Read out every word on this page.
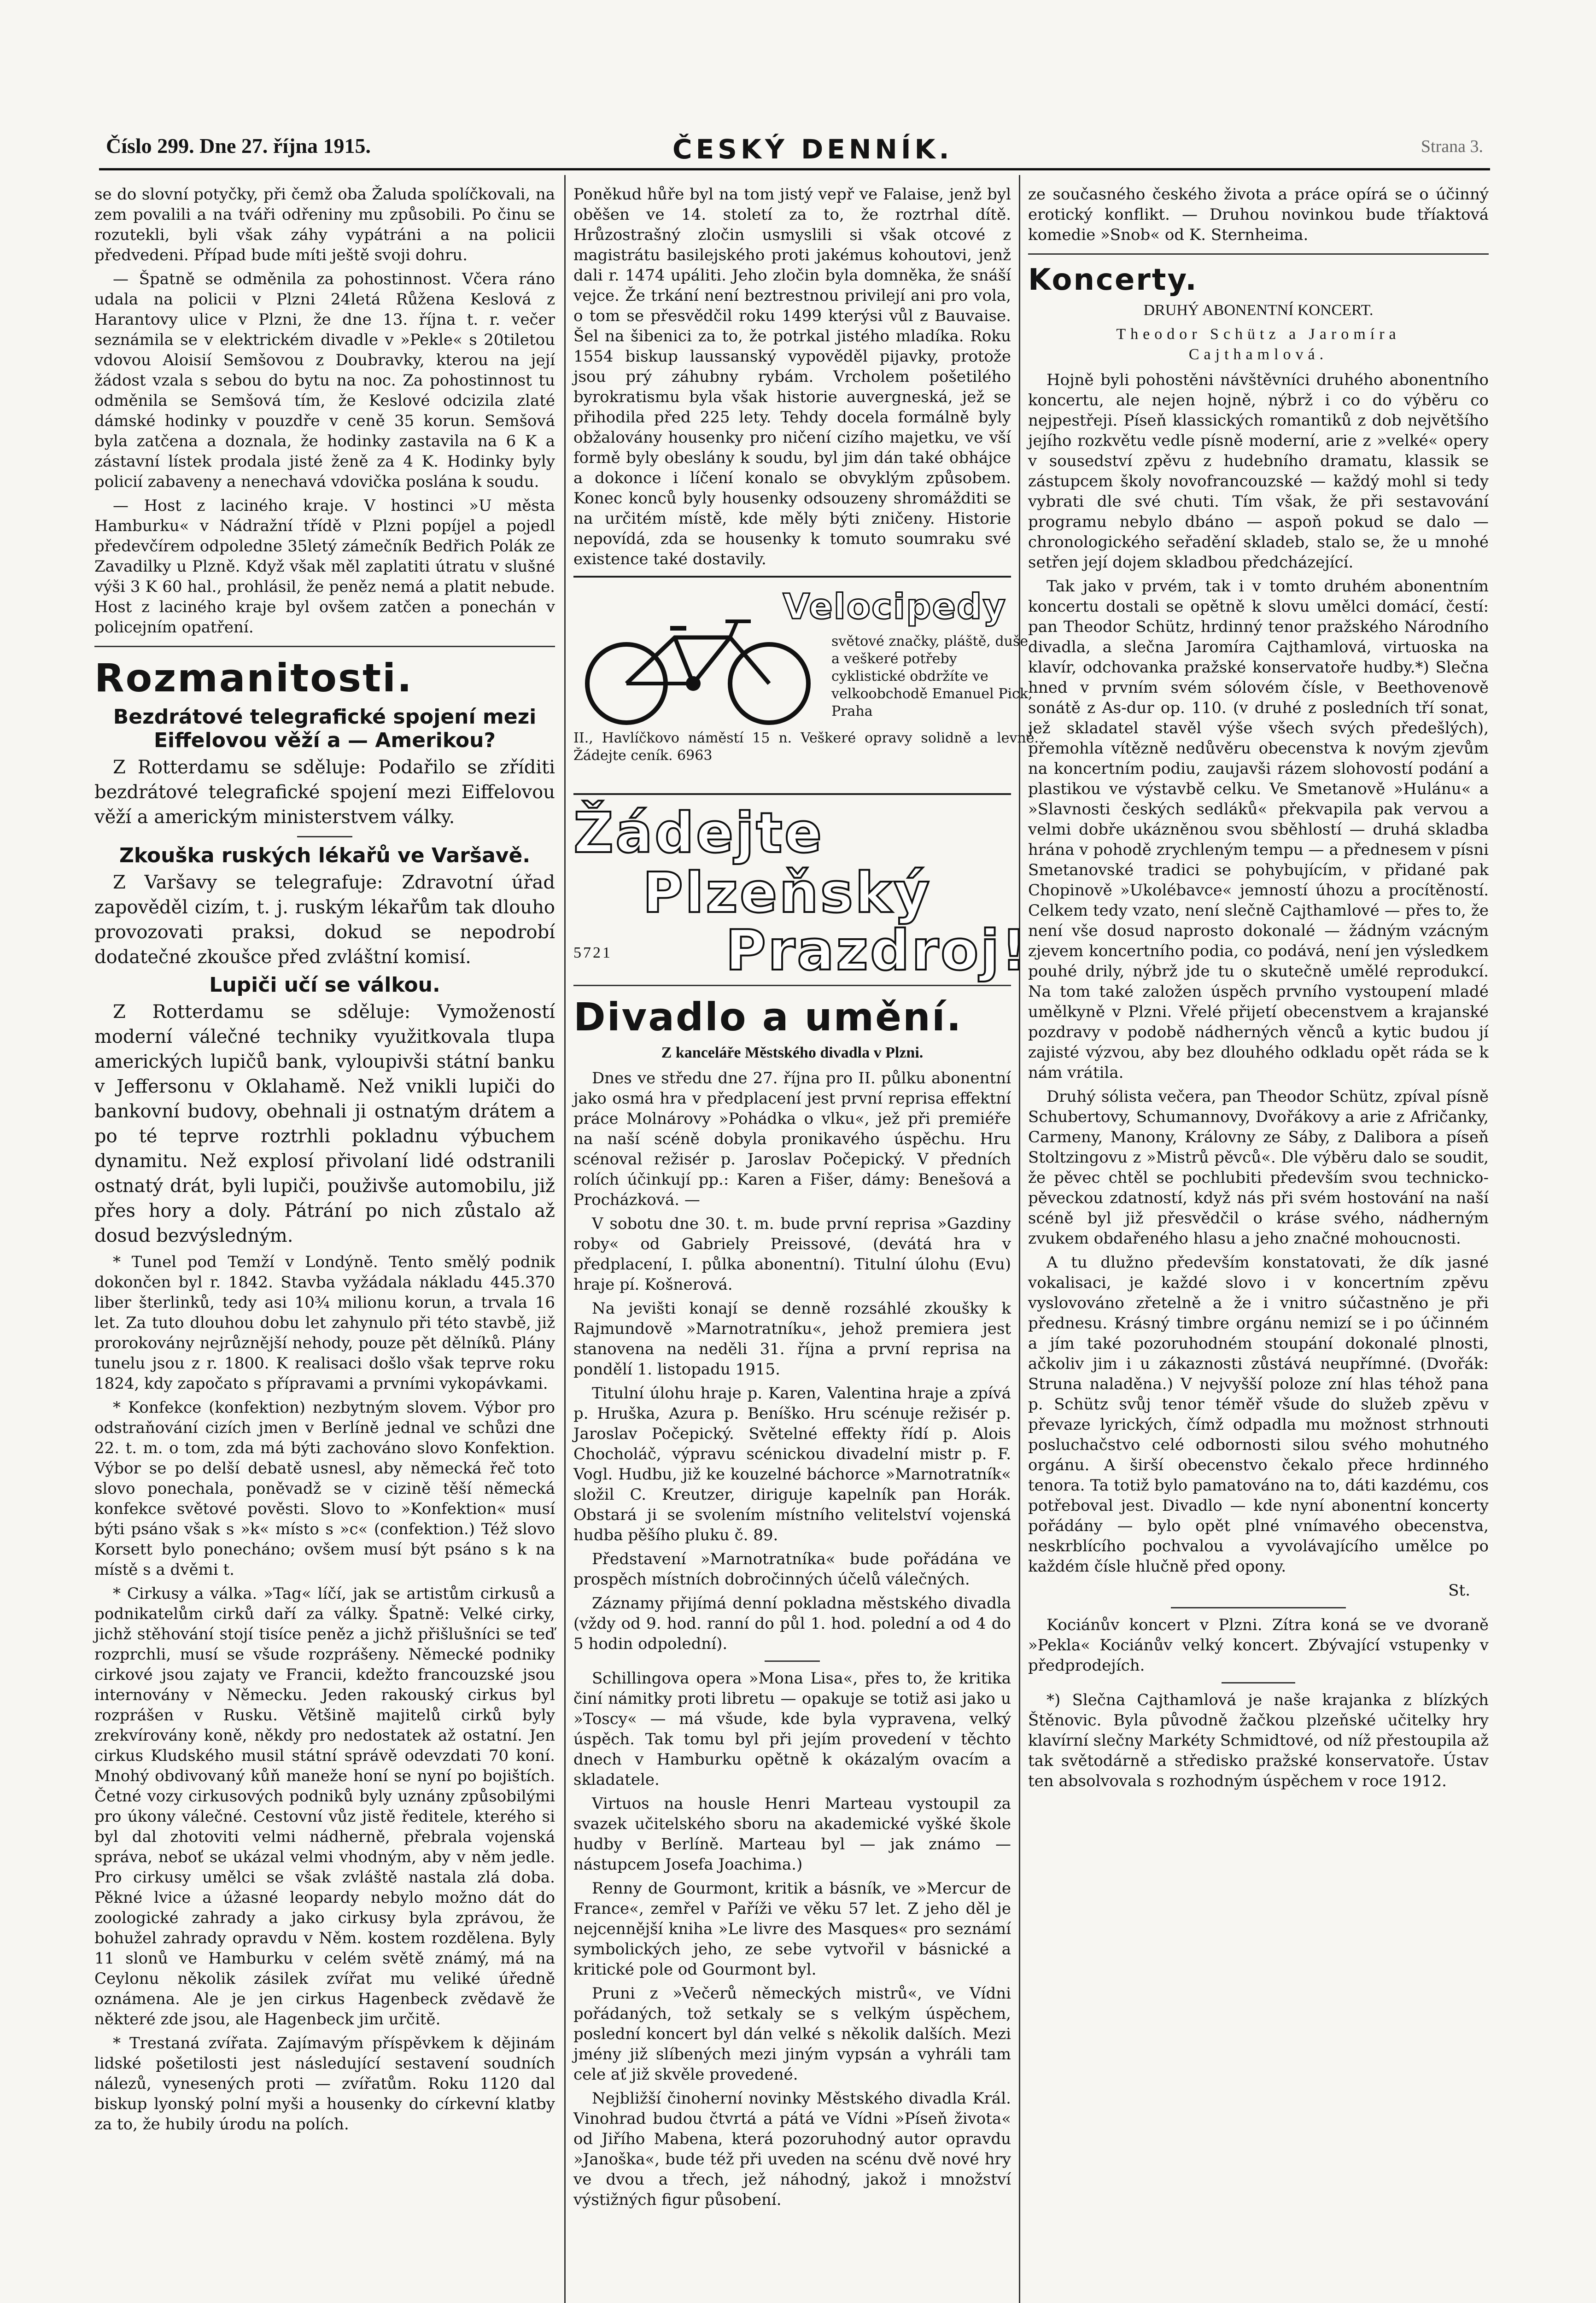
Číslo 299. Dne 27. října 1915.	ČESKÝ DENNÍK.	Strana 3.

se do slovní potyčky, při čemž oba Žaluda spolíčkovali, na zem povalili a na tváři odřeniny mu způsobili. Po činu se rozutekli, byli však záhy vypátráni a na policii předvedeni. Případ bude míti ještě svoji dohru.

— Špatně se odměnila za pohostinnost. Včera ráno udala na policii v Plzni 24letá Růžena Keslová z Harantovy ulice v Plzni, že dne 13. října t. r. večer seznámila se v elektrickém divadle v »Pekle« s 20tiletou vdovou Aloisií Semšovou z Doubravky, kterou na její žádost vzala s sebou do bytu na noc. Za pohostinnost tu odměnila se Semšová tím, že Keslové odcizila zlaté dámské hodinky v pouzdře v ceně 35 korun. Semšová byla zatčena a doznala, že hodinky zastavila na 6 K a zástavní lístek prodala jisté ženě za 4 K. Hodinky byly policií zabaveny a nenechavá vdovička poslána k soudu.

— Host z laciného kraje. V hostinci »U města Hamburku« v Nádražní třídě v Plzni popíjel a pojedl předevčírem odpoledne 35letý zámečník Bedřich Polák ze Zavadilky u Plzně. Když však měl zaplatiti útratu v slušné výši 3 K 60 hal., prohlásil, že peněz nemá a platit nebude. Host z laciného kraje byl ovšem zatčen a ponechán v policejním opatření.

Rozmanitosti.
Bezdrátové telegrafické spojení mezi Eiffelovou věží a — Amerikou?

Z Rotterdamu se sděluje: Podařilo se zříditi bezdrátové telegrafické spojení mezi Eiffelovou věží a americkým ministerstvem války.

Zkouška ruských lékařů ve Varšavě.

Z Varšavy se telegrafuje: Zdravotní úřad zapověděl cizím, t. j. ruským lékařům tak dlouho provozovati praksi, dokud se nepodrobí dodatečné zkoušce před zvláštní komisí.

Lupiči učí se válkou.

Z Rotterdamu se sděluje: Vymožeností moderní válečné techniky využitkovala tlupa amerických lupičů bank, vyloupivši státní banku v Jeffersonu v Oklahamě. Než vnikli lupiči do bankovní budovy, obehnali ji ostnatým drátem a po té teprve roztrhli pokladnu výbuchem dynamitu. Než explosí přivolaní lidé odstranili ostnatý drát, byli lupiči, použivše automobilu, již přes hory a doly. Pátrání po nich zůstalo až dosud bezvýsledným.

* Tunel pod Temží v Londýně. Tento smělý podnik dokončen byl r. 1842. Stavba vyžádala nákladu 445.370 liber šterlinků, tedy asi 10¾ milionu korun, a trvala 16 let. Za tuto dlouhou dobu let zahynulo při této stavbě, již prorokovány nejrůznější nehody, pouze pět dělníků. Plány tunelu jsou z r. 1800. K realisaci došlo však teprve roku 1824, kdy započato s přípravami a prvními vykopávkami.

* Konfekce (konfektion) nezbytným slovem. Výbor pro odstraňování cizích jmen v Berlíně jednal ve schůzi dne 22. t. m. o tom, zda má býti zachováno slovo Konfektion. Výbor se po delší debatě usnesl, aby německá řeč toto slovo ponechala, poněvadž se v cizině těší německá konfekce světové pověsti. Slovo to »Konfektion« musí býti psáno však s »k« místo s »c« (confektion.) Též slovo Korsett bylo ponecháno; ovšem musí být psáno s k na místě s a dvěmi t.

* Cirkusy a válka. »Tag« líčí, jak se artistům cirkusů a podnikatelům cirků daří za války. Špatně: Velké cirky, jichž stěhování stojí tisíce peněz a jichž přišlušníci se teď rozprchli, musí se všude rozprášeny. Německé podniky cirkové jsou zajaty ve Francii, kdežto francouzské jsou internovány v Německu. Jeden rakouský cirkus byl rozprášen v Rusku. Většině majitelů cirků byly zrekvírovány koně, někdy pro nedostatek až ostatní. Jen cirkus Kludského musil státní správě odevzdati 70 koní. Mnohý obdivovaný kůň maneže honí se nyní po bojištích. Četné vozy cirkusových podniků byly uznány způsobilými pro úkony válečné. Cestovní vůz jistě ředitele, kterého si byl dal zhotoviti velmi nádherně, přebrala vojenská správa, neboť se ukázal velmi vhodným, aby v něm jedle. Pro cirkusy umělci se však zvláště nastala zlá doba. Pěkné lvice a úžasné leopardy nebylo možno dát do zoologické zahrady a jako cirkusy byla zprávou, že bohužel zahrady opravdu v Něm. kostem rozdělena. Byly 11 slonů ve Hamburku v celém světě známý, má na Ceylonu několik zásilek zvířat mu veliké úředně oznámena. Ale je jen cirkus Hagenbeck zvědavě že některé zde jsou, ale Hagenbeck jim určitě.

* Trestaná zvířata. Zajímavým příspěvkem k dějinám lidské pošetilosti jest následující sestavení soudních nálezů, vynesených proti — zvířatům. Roku 1120 dal biskup lyonský polní myši a housenky do církevní klatby za to, že hubily úrodu na polích.

Poněkud hůře byl na tom jistý vepř ve Falaise, jenž byl oběšen ve 14. století za to, že roztrhal dítě. Hrůzostrašný zločin usmyslili si však otcové z magistrátu basilejského proti jakémus kohoutovi, jenž dali r. 1474 upáliti. Jeho zločin byla domněka, že snáší vejce. Že trkání není beztrestnou privilejí ani pro vola, o tom se přesvědčil roku 1499 kterýsi vůl z Bauvaise. Šel na šibenici za to, že potrkal jistého mladíka. Roku 1554 biskup laussanský vypověděl pijavky, protože jsou prý záhubny rybám. Vrcholem pošetilého byrokratismu byla však historie auvergneská, jež se přihodila před 225 lety. Tehdy docela formálně byly obžalovány housenky pro ničení cizího majetku, ve vší formě byly obeslány k soudu, byl jim dán také obhájce a dokonce i líčení konalo se obvyklým způsobem. Konec konců byly housenky odsouzeny shromážditi se na určitém místě, kde měly býti zničeny. Historie nepovídá, zda se housenky k tomuto soumraku své existence také dostavily.

Velocipedy
světové značky, pláště, duše a veškeré potřeby cyklistické obdržíte ve velkoobchodě Emanuel Pick, Praha
II., Havlíčkovo náměstí 15 n. Veškeré opravy solidně a levně. Žádejte ceník. 6963
Žádejte
Plzeňský
Prazdroj!
5721
Divadlo a umění.
Z kanceláře Městského divadla v Plzni.

Dnes ve středu dne 27. října pro II. půlku abonentní jako osmá hra v předplacení jest první reprisa effektní práce Molnárovy »Pohádka o vlku«, jež při premiéře na naší scéně dobyla pronikavého úspěchu. Hru scénoval režisér p. Jaroslav Počepický. V předních rolích účinkují pp.: Karen a Fišer, dámy: Benešová a Procházková. —

V sobotu dne 30. t. m. bude první reprisa »Gazdiny roby« od Gabriely Preissové, (devátá hra v předplacení, I. půlka abonentní). Titulní úlohu (Evu) hraje pí. Košnerová.

Na jevišti konají se denně rozsáhlé zkoušky k Rajmundově »Marnotratníku«, jehož premiera jest stanovena na neděli 31. října a první reprisa na pondělí 1. listopadu 1915.

Titulní úlohu hraje p. Karen, Valentina hraje a zpívá p. Hruška, Azura p. Beníško. Hru scénuje režisér p. Jaroslav Počepický. Světelné effekty řídí p. Alois Chocholáč, výpravu scénickou divadelní mistr p. F. Vogl. Hudbu, již ke kouzelné báchorce »Marnotratník« složil C. Kreutzer, diriguje kapelník pan Horák. Obstará ji se svolením místního velitelství vojenská hudba pěšího pluku č. 89.

Představení »Marnotratníka« bude pořádána ve prospěch místních dobročinných účelů válečných.

Záznamy přijímá denní pokladna městského divadla (vždy od 9. hod. ranní do půl 1. hod. polední a od 4 do 5 hodin odpolední).

Schillingova opera »Mona Lisa«, přes to, že kritika činí námitky proti libretu — opakuje se totiž asi jako u »Toscy« — má všude, kde byla vypravena, velký úspěch. Tak tomu byl při jejím provedení v těchto dnech v Hamburku opětně k okázalým ovacím a skladatele.

Virtuos na housle Henri Marteau vystoupil za svazek učitelského sboru na akademické vyšké škole hudby v Berlíně. Marteau byl — jak známo — nástupcem Josefa Joachima.)

Renny de Gourmont, kritik a básník, ve »Mercur de France«, zemřel v Paříži ve věku 57 let. Z jeho děl je nejcennější kniha »Le livre des Masques« pro seznámí symbolických jeho, ze sebe vytvořil v básnické a kritické pole od Gourmont byl.

Pruni z »Večerů německých mistrů«, ve Vídni pořádaných, tož setkaly se s velkým úspěchem, poslední koncert byl dán velké s několik dalších. Mezi jmény již slíbených mezi jiným vypsán a vyhráli tam cele ať již skvěle provedené.

Nejbližší činoherní novinky Městského divadla Král. Vinohrad budou čtvrtá a pátá ve Vídni »Píseň života« od Jiřího Mabena, která pozoruhodný autor opravdu »Janoška«, bude též při uveden na scénu dvě nové hry ve dvou a třech, jež náhodný, jakož i množství výstižných figur působení.

ze současného českého života a práce opírá se o účinný erotický konflikt. — Druhou novinkou bude tříaktová komedie »Snob« od K. Sternheima.

Koncerty.
DRUHÝ ABONENTNÍ KONCERT.
Theodor Schütz a Jaromíra
Cajthamlová.

Hojně byli pohostěni návštěvníci druhého abonentního koncertu, ale nejen hojně, nýbrž i co do výběru co nejpestřeji. Píseň klassických romantiků z dob největšího jejího rozkvětu vedle písně moderní, arie z »velké« opery v sousedství zpěvu z hudebního dramatu, klassik se zástupcem školy novofrancouzské — každý mohl si tedy vybrati dle své chuti. Tím však, že při sestavování programu nebylo dbáno — aspoň pokud se dalo — chronologického seřadění skladeb, stalo se, že u mnohé setřen její dojem skladbou předcházející.

Tak jako v prvém, tak i v tomto druhém abonentním koncertu dostali se opětně k slovu umělci domácí, čestí: pan Theodor Schütz, hrdinný tenor pražského Národního divadla, a slečna Jaromíra Cajthamlová, virtuoska na klavír, odchovanka pražské konservatoře hudby.*) Slečna hned v prvním svém sólovém čísle, v Beethovenově sonátě z As-dur op. 110. (v druhé z posledních tří sonat, jež skladatel stavěl výše všech svých předešlých), přemohla vítězně nedůvěru obecenstva k novým zjevům na koncertním podiu, zaujavši rázem slohovostí podání a plastikou ve výstavbě celku. Ve Smetanově »Hulánu« a »Slavnosti českých sedláků« překvapila pak vervou a velmi dobře ukázněnou svou sběhlostí — druhá skladba hrána v pohodě zrychleným tempu — a přednesem v písni Smetanovské tradici se pohybujícím, v přidané pak Chopinově »Ukolébavce« jemností úhozu a procítěností. Celkem tedy vzato, není slečně Cajthamlové — přes to, že není vše dosud naprosto dokonalé — žádným vzácným zjevem koncertního podia, co podává, není jen výsledkem pouhé drily, nýbrž jde tu o skutečně umělé reprodukcí. Na tom také založen úspěch prvního vystoupení mladé umělkyně v Plzni. Vřelé přijetí obecenstvem a krajanské pozdravy v podobě nádherných věnců a kytic budou jí zajisté výzvou, aby bez dlouhého odkladu opět ráda se k nám vrátila.

Druhý sólista večera, pan Theodor Schütz, zpíval písně Schubertovy, Schumannovy, Dvořákovy a arie z Afričanky, Carmeny, Manony, Královny ze Sáby, z Dalibora a píseň Stoltzingovu z »Mistrů pěvců«. Dle výběru dalo se soudit, že pěvec chtěl se pochlubiti především svou technicko-pěveckou zdatností, když nás při svém hostování na naší scéně byl již přesvědčil o kráse svého, nádherným zvukem obdařeného hlasu a jeho značné mohoucnosti.

A tu dlužno především konstatovati, že dík jasné vokalisaci, je každé slovo i v koncertním zpěvu vyslovováno zřetelně a že i vnitro súčastněno je při přednesu. Krásný timbre orgánu nemizí se i po účinném a jím také pozoruhodném stoupání dokonalé plnosti, ačkoliv jim i u zákaznosti zůstává neupřímné. (Dvořák: Struna naladěna.) V nejvyšší poloze zní hlas téhož pana p. Schütz svůj tenor téměř všude do služeb zpěvu v převaze lyrických, čímž odpadla mu možnost strhnouti posluchačstvo celé odbornosti silou svého mohutného orgánu. A širší obecenstvo čekalo přece hrdinného tenora. Ta totiž bylo pamatováno na to, dáti kazdému, cos potřeboval jest. Divadlo — kde nyní abonentní koncerty pořádány — bylo opět plné vnímavého obecenstva, neskrblícího pochvalou a vyvolávajícího umělce po každém čísle hlučně před opony.

St.

Kociánův koncert v Plzni. Zítra koná se ve dvoraně »Pekla« Kociánův velký koncert. Zbývající vstupenky v předprodejích.

*) Slečna Cajthamlová je naše krajanka z blízkých Štěnovic. Byla původně žačkou plzeňské učitelky hry klavírní slečny Markéty Schmidtové, od níž přestoupila až tak světodárně a středisko pražské konservatoře. Ústav ten absolvovala s rozhodným úspěchem v roce 1912.
